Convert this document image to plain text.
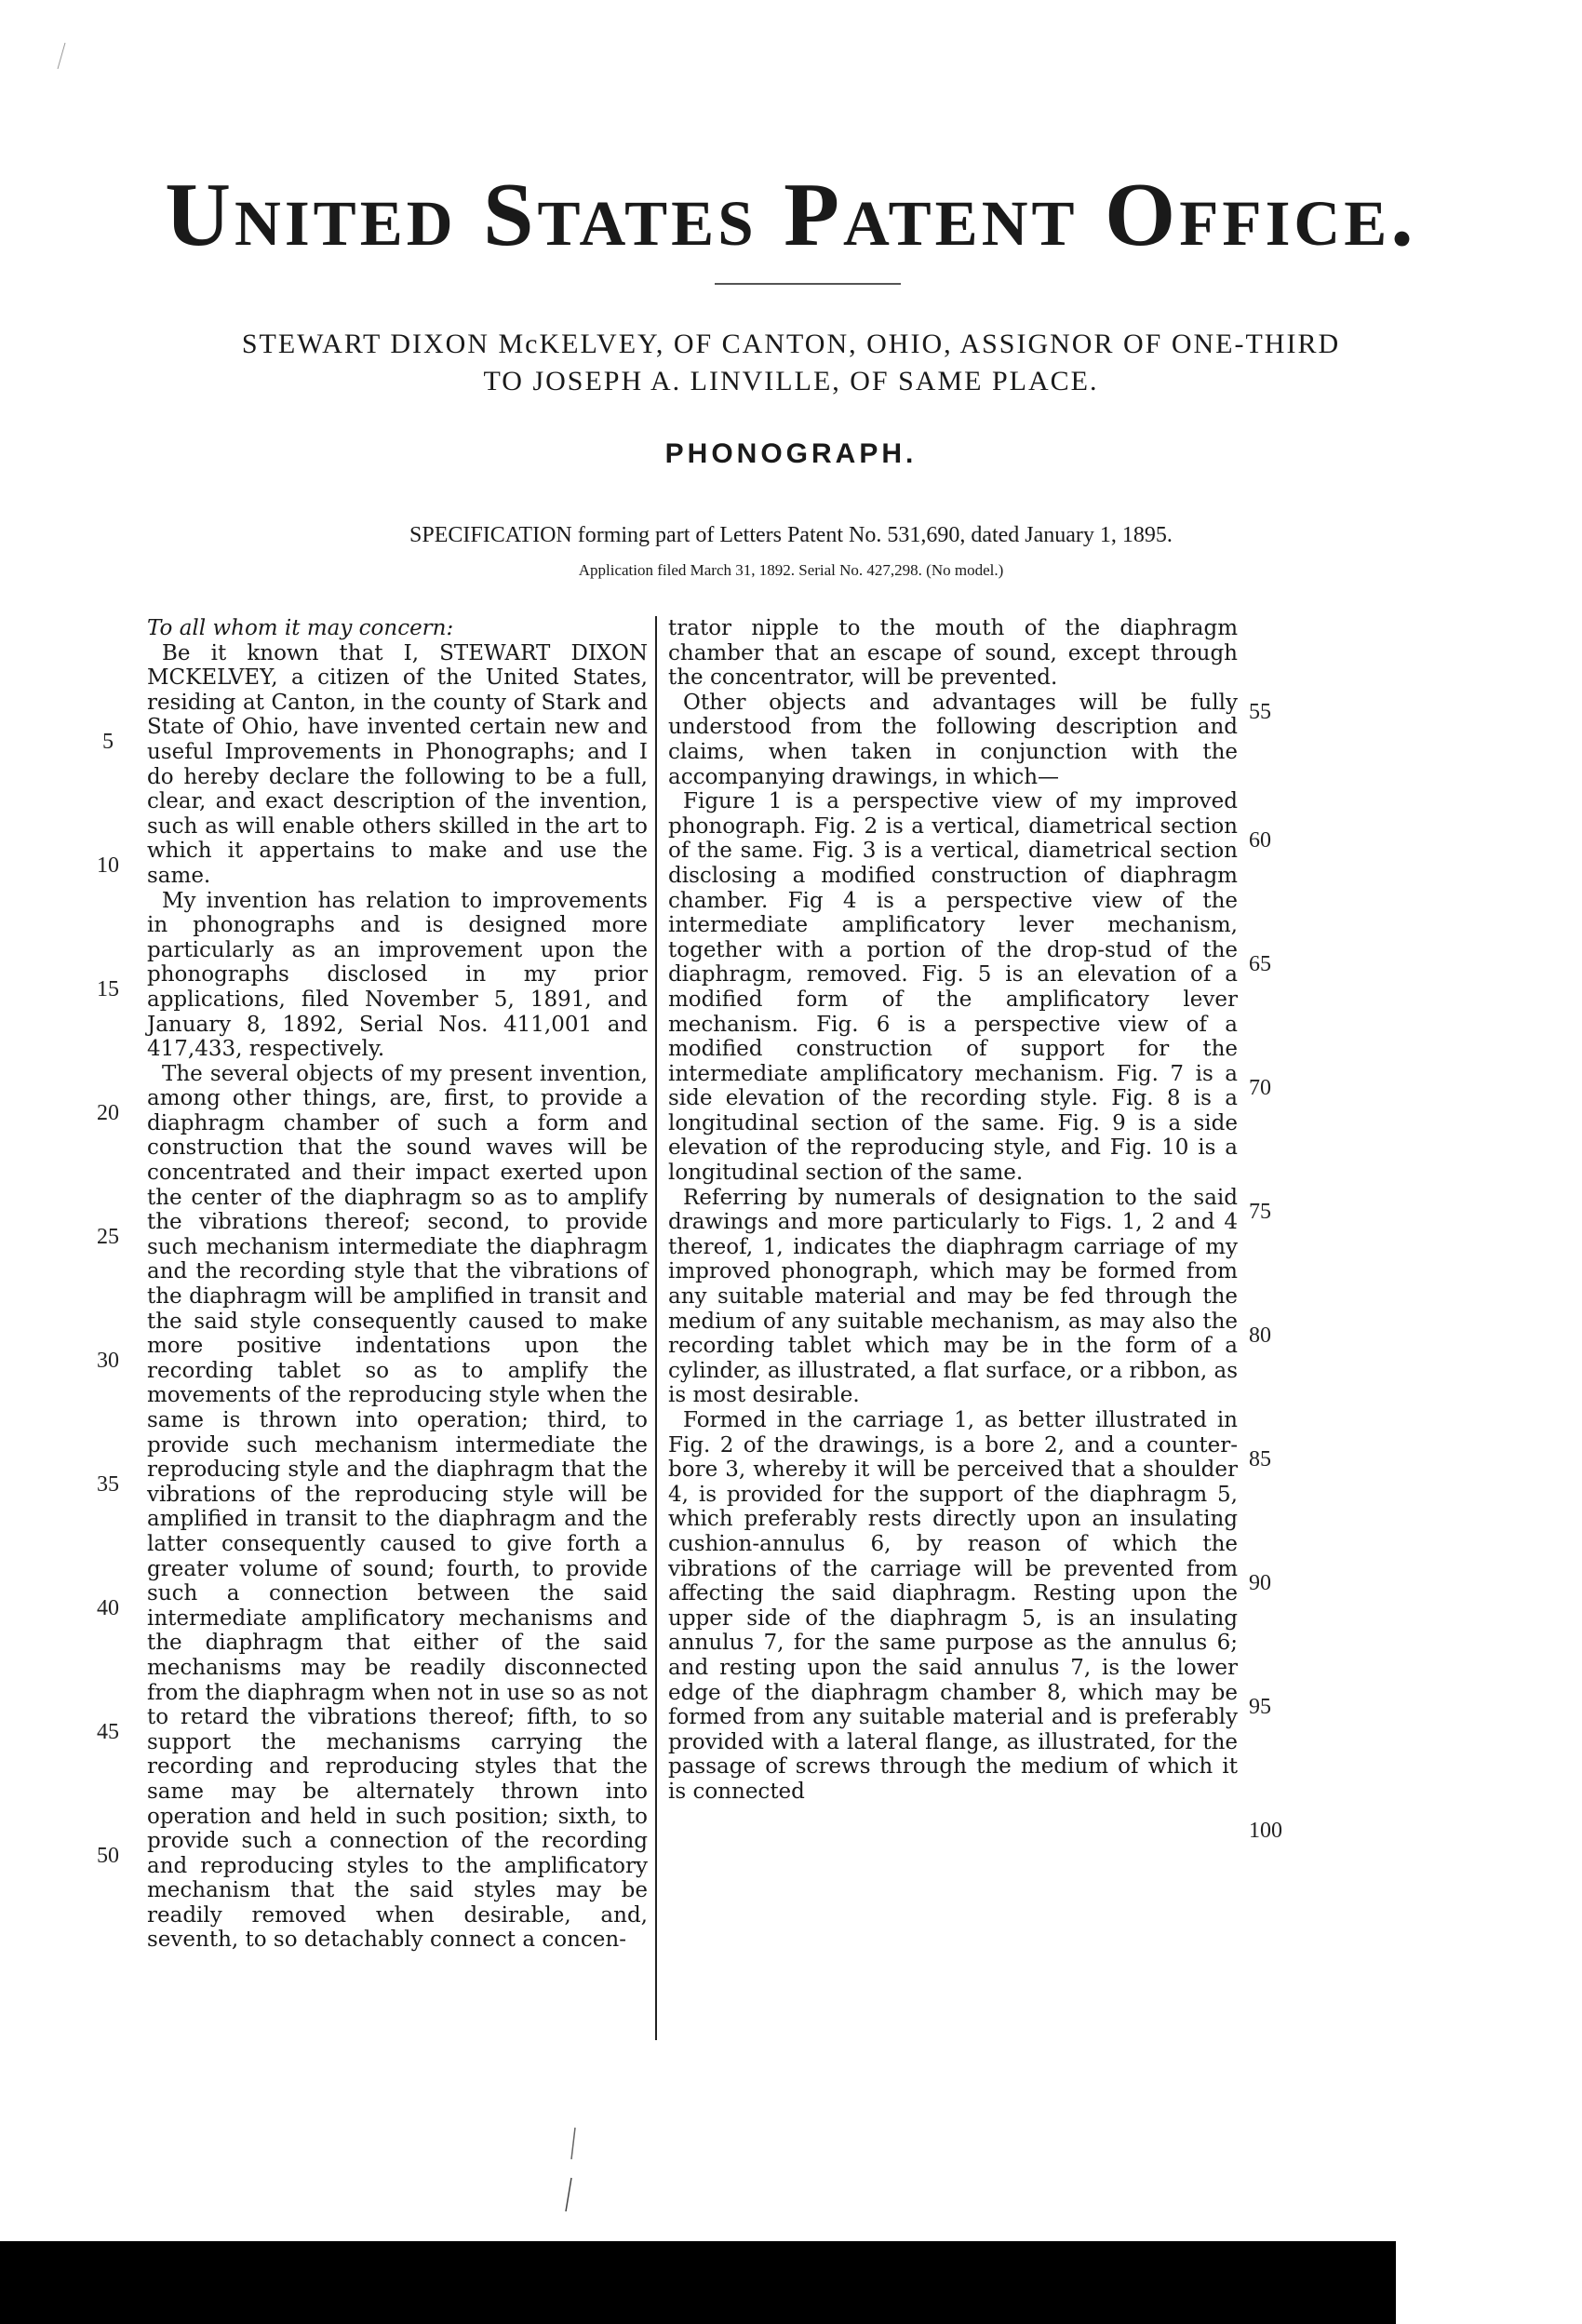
United States Patent Office.
STEWART DIXON McKELVEY, OF CANTON, OHIO, ASSIGNOR OF ONE-THIRD
TO JOSEPH A. LINVILLE, OF SAME PLACE.
PHONOGRAPH.
SPECIFICATION forming part of Letters Patent No. 531,690, dated January 1, 1895.
Application filed March 31, 1892. Serial No. 427,298. (No model.)

To all whom it may concern:

Be it known that I, STEWART DIXON MCKELVEY, a citizen of the United States, residing at Canton, in the county of Stark and State of Ohio, have invented certain new and useful Improvements in Phonographs; and I do hereby declare the following to be a full, clear, and exact description of the invention, such as will enable others skilled in the art to which it appertains to make and use the same.

My invention has relation to improvements in phonographs and is designed more particularly as an improvement upon the phonographs disclosed in my prior applications, filed November 5, 1891, and January 8, 1892, Serial Nos. 411,001 and 417,433, respectively.

The several objects of my present invention, among other things, are, first, to provide a diaphragm chamber of such a form and construction that the sound waves will be concentrated and their impact exerted upon the center of the diaphragm so as to amplify the vibrations thereof; second, to provide such mechanism intermediate the diaphragm and the recording style that the vibrations of the diaphragm will be amplified in transit and the said style consequently caused to make more positive indentations upon the recording tablet so as to amplify the movements of the reproducing style when the same is thrown into operation; third, to provide such mechanism intermediate the reproducing style and the diaphragm that the vibrations of the reproducing style will be amplified in transit to the diaphragm and the latter consequently caused to give forth a greater volume of sound; fourth, to provide such a connection between the said intermediate amplificatory mechanisms and the diaphragm that either of the said mechanisms may be readily disconnected from the diaphragm when not in use so as not to retard the vibrations thereof; fifth, to so support the mechanisms carrying the recording and reproducing styles that the same may be alternately thrown into operation and held in such position; sixth, to provide such a connection of the recording and reproducing styles to the amplificatory mechanism that the said styles may be readily removed when desirable, and, seventh, to so detachably connect a concen-

trator nipple to the mouth of the diaphragm chamber that an escape of sound, except through the concentrator, will be prevented.

Other objects and advantages will be fully understood from the following description and claims, when taken in conjunction with the accompanying drawings, in which—

Figure 1 is a perspective view of my improved phonograph. Fig. 2 is a vertical, diametrical section of the same. Fig. 3 is a vertical, diametrical section disclosing a modified construction of diaphragm chamber. Fig 4 is a perspective view of the intermediate amplificatory lever mechanism, together with a portion of the drop-stud of the diaphragm, removed. Fig. 5 is an elevation of a modified form of the amplificatory lever mechanism. Fig. 6 is a perspective view of a modified construction of support for the intermediate amplificatory mechanism. Fig. 7 is a side elevation of the recording style. Fig. 8 is a longitudinal section of the same. Fig. 9 is a side elevation of the reproducing style, and Fig. 10 is a longitudinal section of the same.

Referring by numerals of designation to the said drawings and more particularly to Figs. 1, 2 and 4 thereof, 1, indicates the diaphragm carriage of my improved phonograph, which may be formed from any suitable material and may be fed through the medium of any suitable mechanism, as may also the recording tablet which may be in the form of a cylinder, as illustrated, a flat surface, or a ribbon, as is most desirable.

Formed in the carriage 1, as better illustrated in Fig. 2 of the drawings, is a bore 2, and a counter-bore 3, whereby it will be perceived that a shoulder 4, is provided for the support of the diaphragm 5, which preferably rests directly upon an insulating cushion-annulus 6, by reason of which the vibrations of the carriage will be prevented from affecting the said diaphragm. Resting upon the upper side of the diaphragm 5, is an insulating annulus 7, for the same purpose as the annulus 6; and resting upon the said annulus 7, is the lower edge of the diaphragm chamber 8, which may be formed from any suitable material and is preferably provided with a lateral flange, as illustrated, for the passage of screws through the medium of which it is connected

5
10
15
20
25
30
35
40
45
50
55
60
65
70
75
80
85
90
95
100
